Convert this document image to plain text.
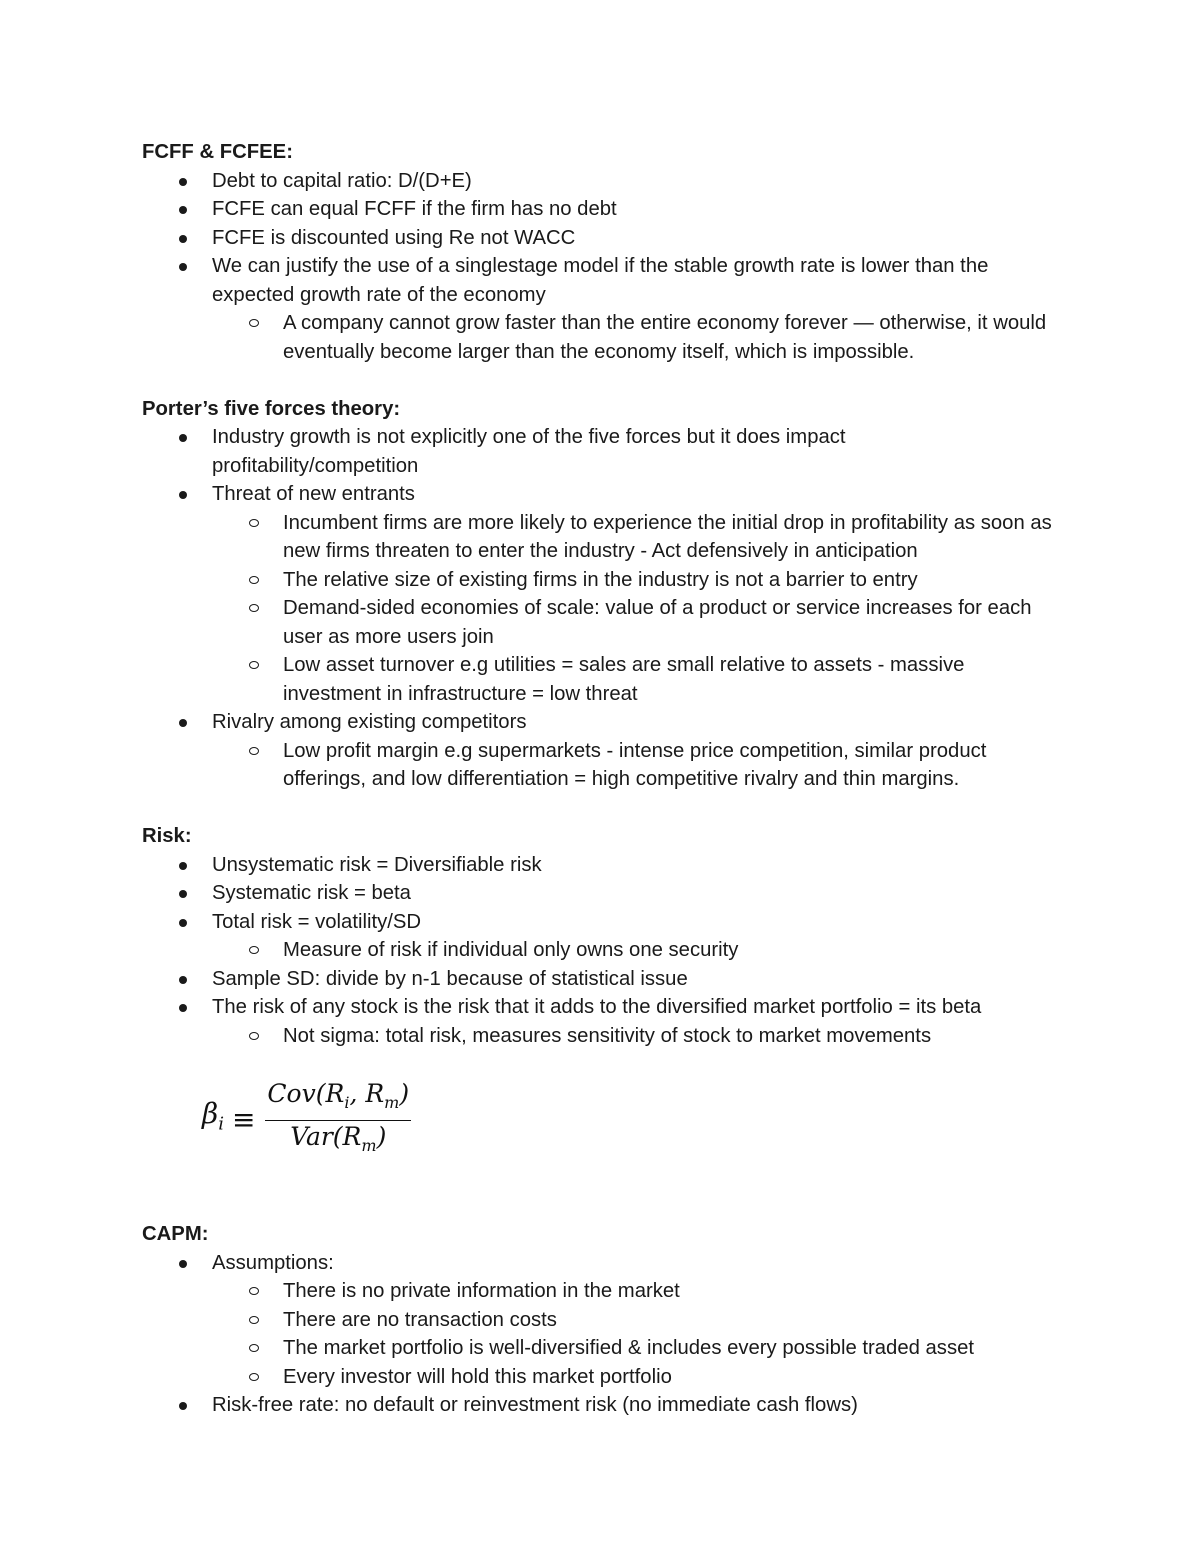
FCFF & FCFEE:

Debt to capital ratio: D/(D+E)
FCFE can equal FCFF if the firm has no debt
FCFE is discounted using Re not WACC
We can justify the use of a singlestage model if the stable growth rate is lower than the expected growth rate of the economy
A company cannot grow faster than the entire economy forever — otherwise, it would eventually become larger than the economy itself, which is impossible.

Porter’s five forces theory:

Industry growth is not explicitly one of the five forces but it does impact profitability/competition
Threat of new entrants
Incumbent firms are more likely to experience the initial drop in profitability as soon as new firms threaten to enter the industry - Act defensively in anticipation
The relative size of existing firms in the industry is not a barrier to entry
Demand-sided economies of scale: value of a product or service increases for each user as more users join
Low asset turnover e.g utilities = sales are small relative to assets - massive investment in infrastructure = low threat
Rivalry among existing competitors
Low profit margin e.g supermarkets - intense price competition, similar product offerings, and low differentiation = high competitive rivalry and thin margins.

Risk:

Unsystematic risk = Diversifiable risk
Systematic risk = beta
Total risk = volatility/SD
Measure of risk if individual only owns one security
Sample SD: divide by n-1 because of statistical issue
The risk of any stock is the risk that it adds to the diversified market portfolio = its beta
Not sigma: total risk, measures sensitivity of stock to market movements
$\beta_i \equiv \frac{Cov(R_i, R_m)}{Var(R_m)}$

CAPM:

Assumptions:
There is no private information in the market
There are no transaction costs
The market portfolio is well-diversified & includes every possible traded asset
Every investor will hold this market portfolio
Risk-free rate: no default or reinvestment risk (no immediate cash flows)
